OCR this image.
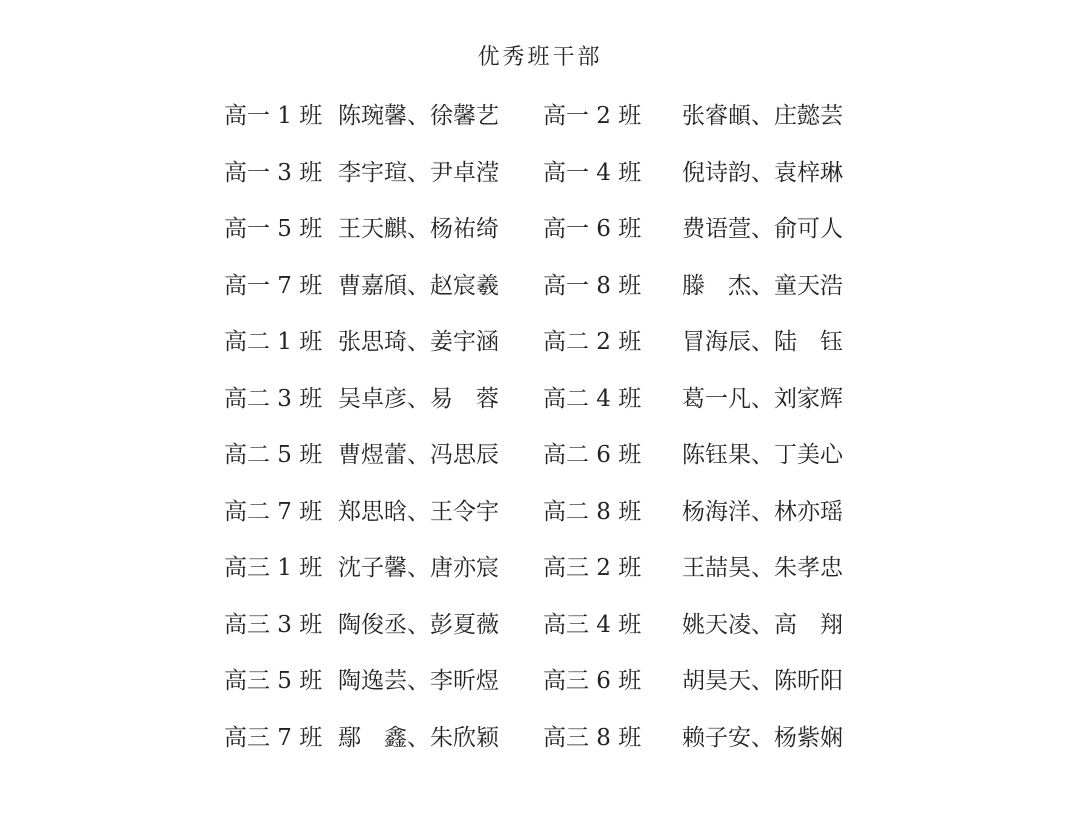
优秀班干部
高一 1 班 陈琬馨、徐馨艺	高一 2 班 张睿頔、庄懿芸
高一 3 班 李宇瑄、尹卓滢	高一 4 班 倪诗韵、袁梓琳
高一 5 班 王天麒、杨祐绮	高一 6 班 费语萱、俞可人
高一 7 班 曹嘉頎、赵宸羲	高一 8 班 滕　杰、童天浩
高二 1 班 张思琦、姜宇涵	高二 2 班 冒海辰、陆　钰
高二 3 班 吴卓彦、易　蓉	高二 4 班 葛一凡、刘家辉
高二 5 班 曹煜蕾、冯思辰	高二 6 班 陈钰果、丁美心
高二 7 班 郑思晗、王令宇	高二 8 班 杨海洋、林亦瑶
高三 1 班 沈子馨、唐亦宸	高三 2 班 王喆昊、朱孝忠
高三 3 班 陶俊丞、彭夏薇	高三 4 班 姚天凌、高　翔
高三 5 班 陶逸芸、李昕煜	高三 6 班 胡昊天、陈昕阳
高三 7 班 鄢　鑫、朱欣颖	高三 8 班 赖子安、杨紫娴
